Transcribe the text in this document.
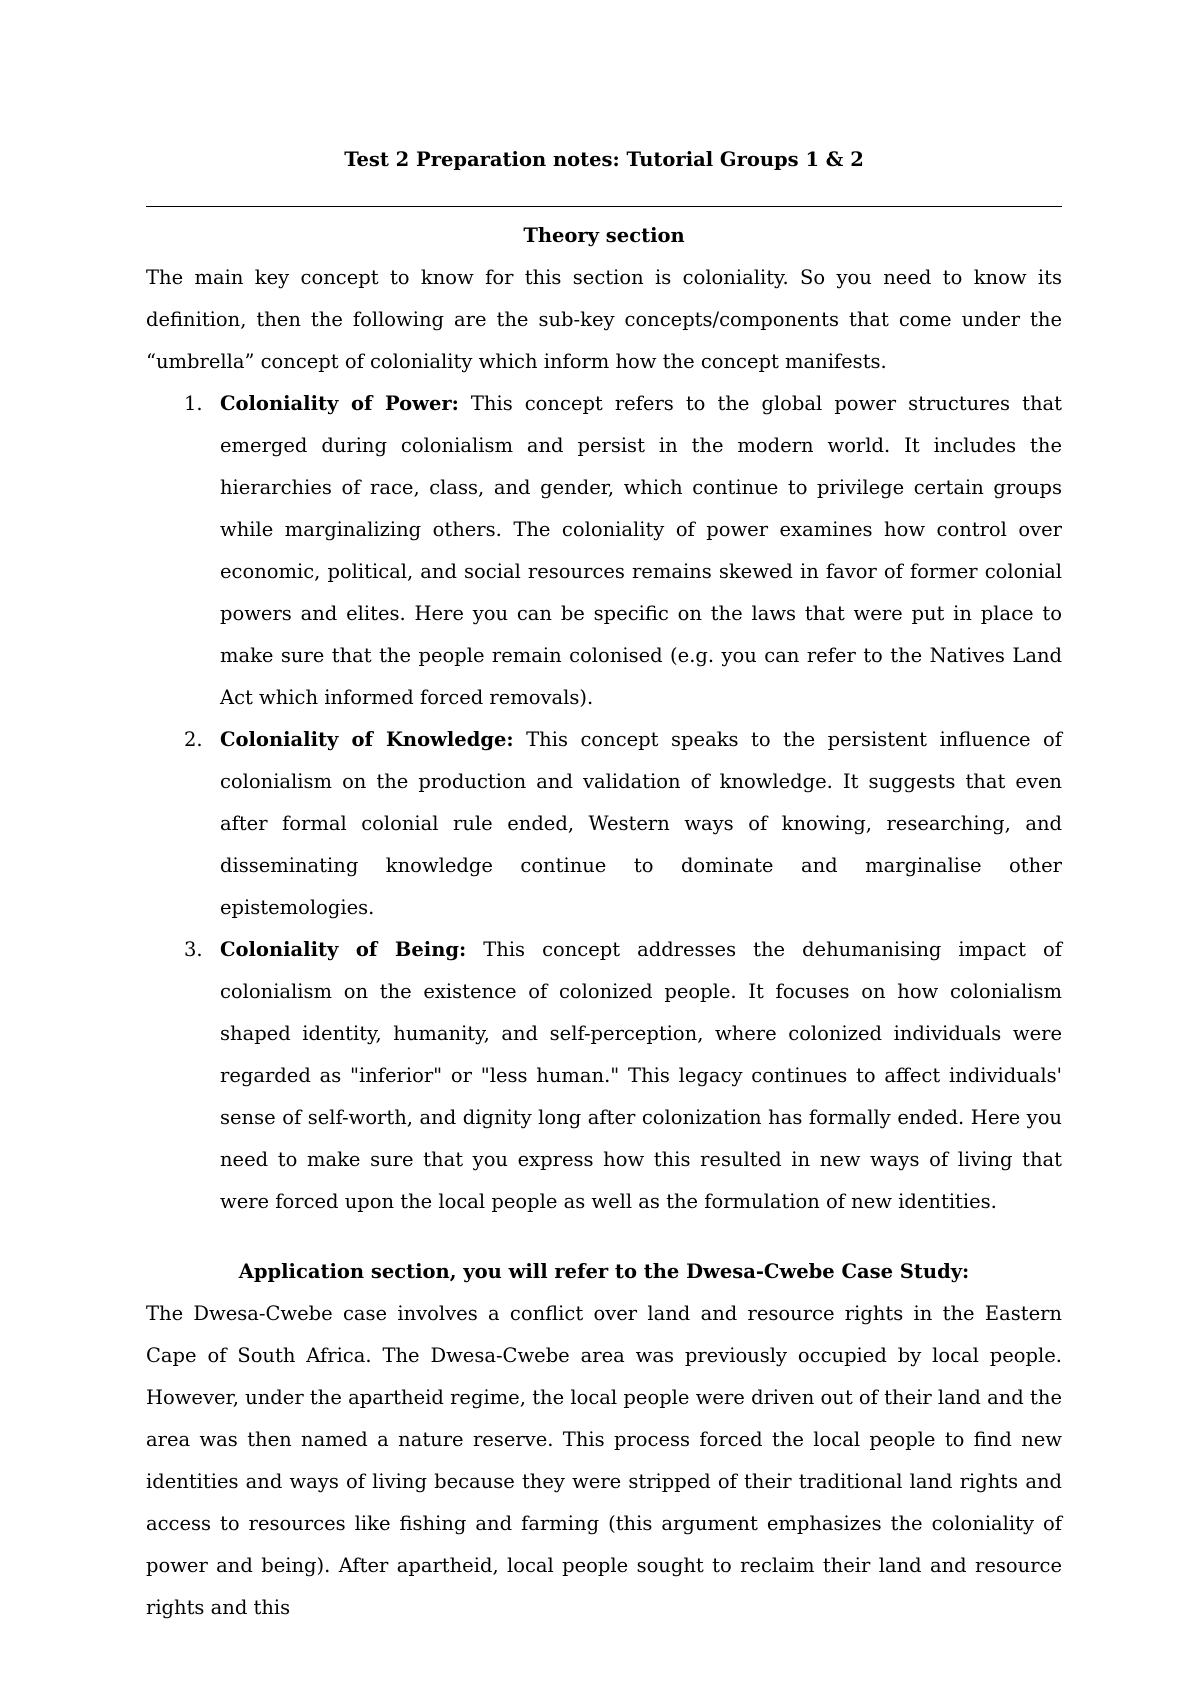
Test 2 Preparation notes: Tutorial Groups 1 & 2

Theory section

The main key concept to know for this section is coloniality. So you need to know its definition, then the following are the sub-key concepts/components that come under the “umbrella” concept of coloniality which inform how the concept manifests.

1. Coloniality of Power: This concept refers to the global power structures that emerged during colonialism and persist in the modern world. It includes the hierarchies of race, class, and gender, which continue to privilege certain groups while marginalizing others. The coloniality of power examines how control over economic, political, and social resources remains skewed in favor of former colonial powers and elites. Here you can be specific on the laws that were put in place to make sure that the people remain colonised (e.g. you can refer to the Natives Land Act which informed forced removals).
2. Coloniality of Knowledge: This concept speaks to the persistent influence of colonialism on the production and validation of knowledge. It suggests that even after formal colonial rule ended, Western ways of knowing, researching, and disseminating knowledge continue to dominate and marginalise other epistemologies.
3. Coloniality of Being: This concept addresses the dehumanising impact of colonialism on the existence of colonized people. It focuses on how colonialism shaped identity, humanity, and self-perception, where colonized individuals were regarded as "inferior" or "less human." This legacy continues to affect individuals' sense of self-worth, and dignity long after colonization has formally ended. Here you need to make sure that you express how this resulted in new ways of living that were forced upon the local people as well as the formulation of new identities.

Application section, you will refer to the Dwesa-Cwebe Case Study:

The Dwesa-Cwebe case involves a conflict over land and resource rights in the Eastern Cape of South Africa. The Dwesa-Cwebe area was previously occupied by local people. However, under the apartheid regime, the local people were driven out of their land and the area was then named a nature reserve. This process forced the local people to find new identities and ways of living because they were stripped of their traditional land rights and access to resources like fishing and farming (this argument emphasizes the coloniality of power and being). After apartheid, local people sought to reclaim their land and resource rights and this
